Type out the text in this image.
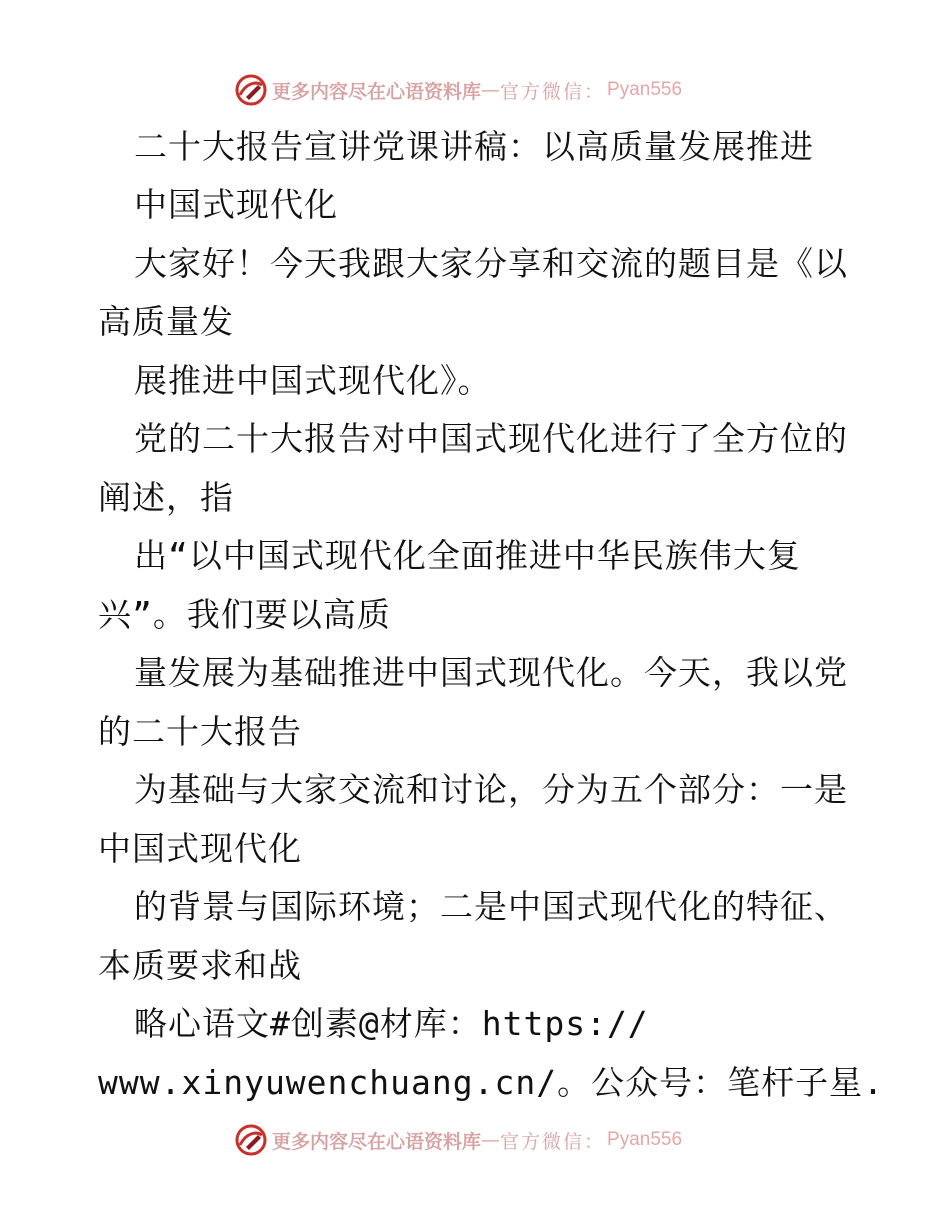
更多内容尽在心语资料库 — 官方微信： Pyan556
二十大报告宣讲党课讲稿：以高质量发展推进
中国式现代化
大家好！今天我跟大家分享和交流的题目是《以
高质量发
展推进中国式现代化》。
党的二十大报告对中国式现代化进行了全方位的
阐述，指
出“以中国式现代化全面推进中华民族伟大复
兴”。我们要以高质
量发展为基础推进中国式现代化。今天，我以党
的二十大报告
为基础与大家交流和讨论，分为五个部分：一是
中国式现代化
的背景与国际环境；二是中国式现代化的特征、
本质要求和战
略心语文#创素@材库：https://
www.xinyuwenchuang.cn/。公众号：笔杆子星.
更多内容尽在心语资料库 — 官方微信： Pyan556
